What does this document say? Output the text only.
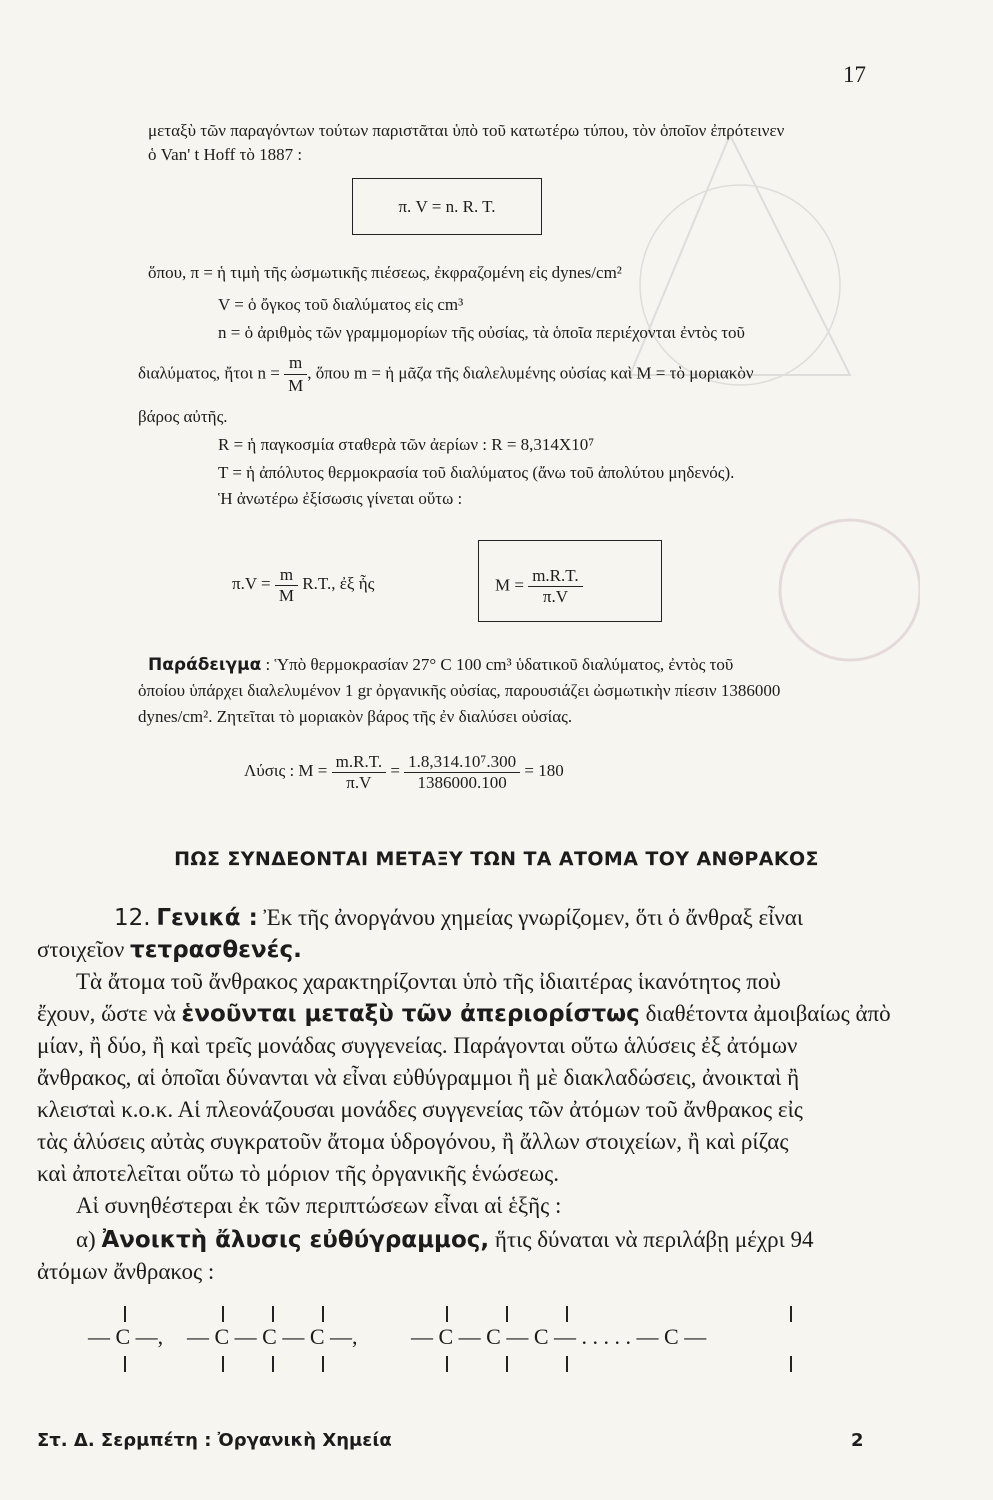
17
μεταξὺ τῶν παραγόντων τούτων παριστᾶται ὑπὸ τοῦ κατωτέρω τύπου, τὸν ὁποῖον ἐπρότεινεν
ὁ Van' t Hoff τὸ 1887 :
π. V = n. R. T.
ὅπου, π = ἡ τιμὴ τῆς ὠσμωτικῆς πιέσεως, ἐκφραζομένη εἰς dynes/cm²
V = ὁ ὄγκος τοῦ διαλύματος εἰς cm³
n = ὁ ἀριθμὸς τῶν γραμμομορίων τῆς οὐσίας, τὰ ὁποῖα περιέχονται ἐντὸς τοῦ
διαλύματος, ἤτοι $n = \frac{m}{M}$ , ὅπου m = ἡ μᾶζα τῆς διαλελυμένης οὐσίας καὶ M = τὸ μοριακὸν
βάρος αὐτῆς.
R = ἡ παγκοσμία σταθερὰ τῶν ἀερίων : R = 8,314X10⁷
T = ἡ ἀπόλυτος θερμοκρασία τοῦ διαλύματος (ἄνω τοῦ ἀπολύτου μηδενός).
Ἡ ἀνωτέρω ἐξίσωσις γίνεται οὕτω :
$\pi.V = \frac{m}{M} R.T$., ἐξ ἧς	$M = \frac{m.R.T.}{\pi.V}$
Παράδειγμα : Ὑπὸ θερμοκρασίαν 27° C 100 cm³ ὑδατικοῦ διαλύματος, ἐντὸς τοῦ
ὁποίου ὑπάρχει διαλελυμένον 1 gr ὀργανικῆς οὐσίας, παρουσιάζει ὠσμωτικὴν πίεσιν 1386000
dynes/cm². Ζητεῖται τὸ μοριακὸν βάρος τῆς ἐν διαλύσει οὐσίας.
Λύσις : $M = \frac{m.R.T.}{\pi.V} = \frac{\text{1.8,314.10⁷.300}}{1386000.100} = 180$
ΠΩΣ ΣΥΝΔΕΟΝΤΑΙ ΜΕΤΑΞΥ ΤΩΝ ΤΑ ΑΤΟΜΑ ΤΟΥ ΑΝΘΡΑΚΟΣ
12. Γενικά : Ἐκ τῆς ἀνοργάνου χημείας γνωρίζομεν, ὅτι ὁ ἄνθραξ εἶναι
στοιχεῖον τετρασθενές.
Τὰ ἄτομα τοῦ ἄνθρακος χαρακτηρίζονται ὑπὸ τῆς ἰδιαιτέρας ἱκανότητος ποὺ
ἔχουν, ὥστε νὰ ἑνοῦνται μεταξὺ τῶν ἀπεριορίστως διαθέτοντα ἀμοιβαίως ἀπὸ
μίαν, ἢ δύο, ἢ καὶ τρεῖς μονάδας συγγενείας. Παράγονται οὕτω ἁλύσεις ἐξ ἀτόμων
ἄνθρακος, αἱ ὁποῖαι δύνανται νὰ εἶναι εὐθύγραμμοι ἢ μὲ διακλαδώσεις, ἀνοικταὶ ἢ
κλεισταὶ κ.ο.κ. Αἱ πλεονάζουσαι μονάδες συγγενείας τῶν ἀτόμων τοῦ ἄνθρακος εἰς
τὰς ἁλύσεις αὐτὰς συγκρατοῦν ἄτομα ὑδρογόνου, ἢ ἄλλων στοιχείων, ἢ καὶ ρίζας
καὶ ἀποτελεῖται οὕτω τὸ μόριον τῆς ὀργανικῆς ἑνώσεως.
Αἱ συνηθέστεραι ἐκ τῶν περιπτώσεων εἶναι αἱ ἑξῆς :
α) Ἀνοικτὴ ἄλυσις εὐθύγραμμος, ἥτις δύναται νὰ περιλάβῃ μέχρι 94
ἀτόμων ἄνθρακος :
— C —, — C — C — C —, — C — C — C — . . . . . — C —
Στ. Δ. Σερμπέτη : Ὀργανικὴ Χημεία	2
